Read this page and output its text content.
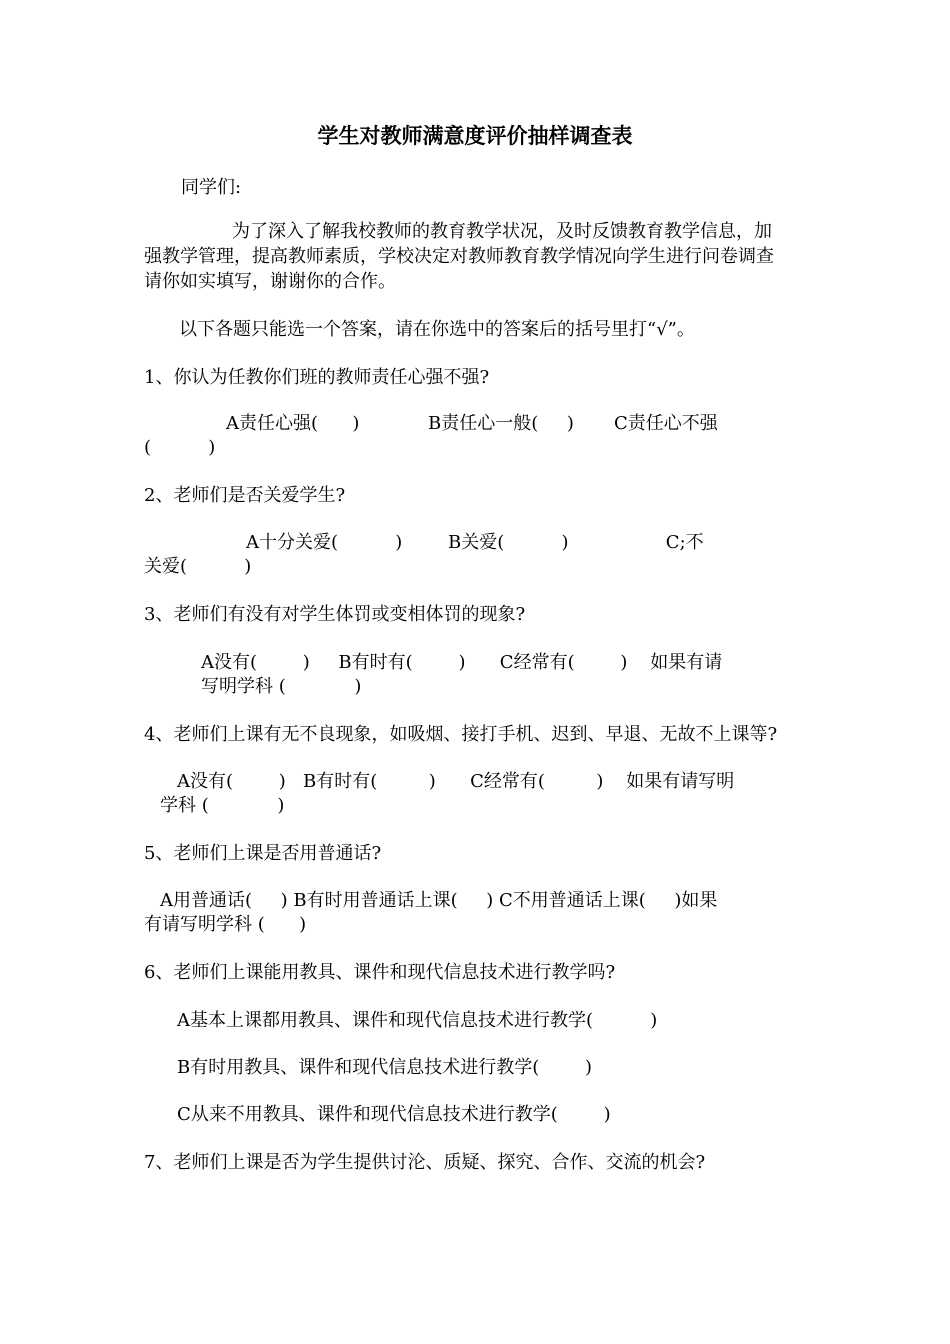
学生对教师满意度评价抽样调查表
同学们:
为了深入了解我校教师的教育教学状况，及时反馈教育教学信息，加
强教学管理，提高教师素质，学校决定对教师教育教学情况向学生进行问卷调查
请你如实填写，谢谢你的合作。
以下各题只能选一个答案，请在你选中的答案后的括号里打“√”。
1、你认为任教你们班的教师责任心强不强?
A责任心强(      )            B责任心一般(     )       C责任心不强
(          )
2、老师们是否关爱学生?
A十分关爱(          )        B关爱(          )                 C;不
关爱(          )
3、老师们有没有对学生体罚或变相体罚的现象?
A没有(        )     B有时有(        )      C经常有(        )    如果有请
写明学科 (            )
4、老师们上课有无不良现象，如吸烟、接打手机、迟到、早退、无故不上课等?
A没有(        )   B有时有(         )      C经常有(         )    如果有请写明
学科 (            )
5、老师们上课是否用普通话?
A用普通话(     ) B有时用普通话上课(     ) C不用普通话上课(     )如果
有请写明学科 (      )
6、老师们上课能用教具、课件和现代信息技术进行教学吗?
A基本上课都用教具、课件和现代信息技术进行教学(          )
B有时用教具、课件和现代信息技术进行教学(        )
C从来不用教具、课件和现代信息技术进行教学(        )
7、老师们上课是否为学生提供讨沦、质疑、探究、合作、交流的机会?
